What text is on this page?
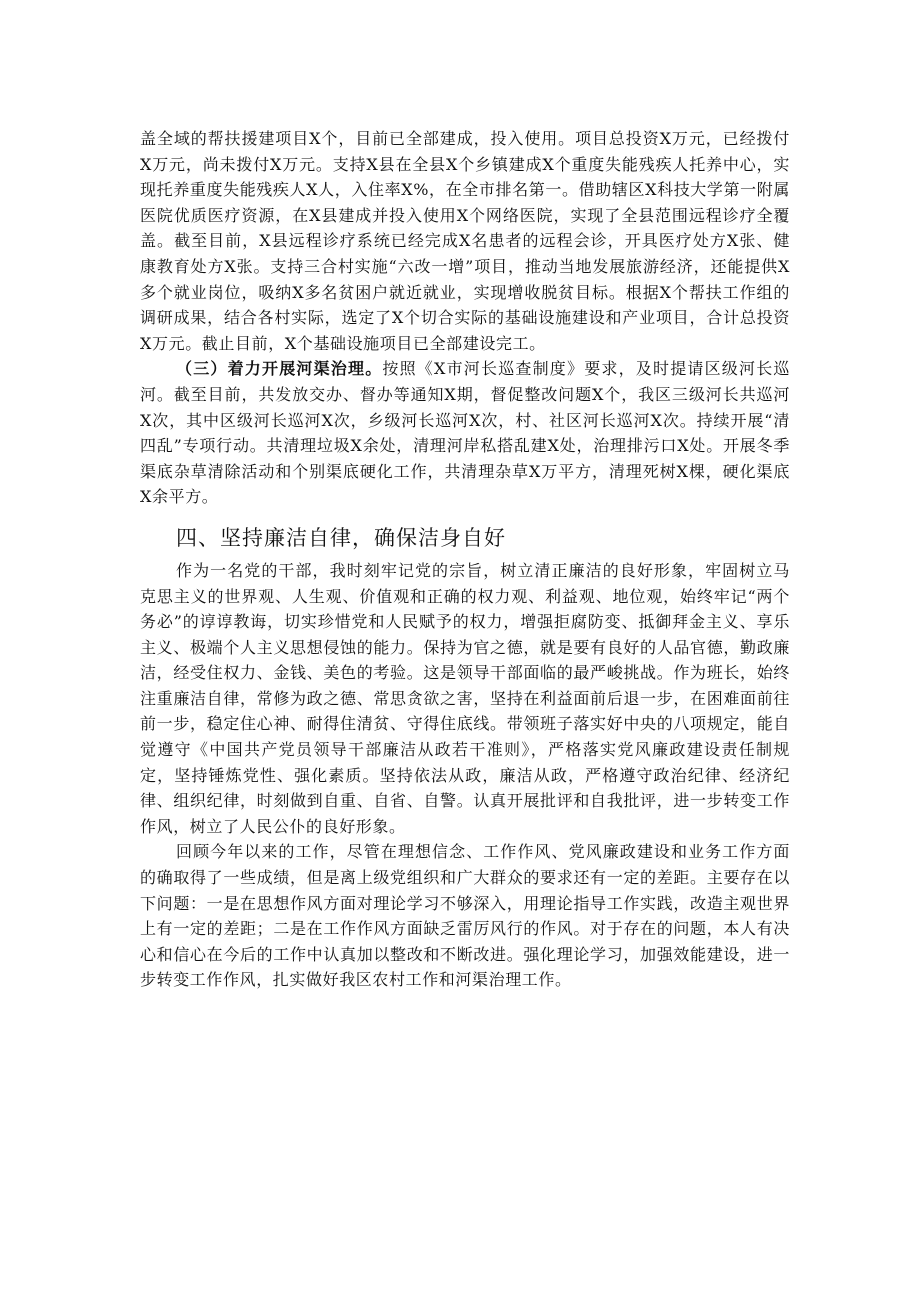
盖全域的帮扶援建项目X个，目前已全部建成，投入使用。项目总投资X万元，已经拨付X万元，尚未拨付X万元。支持X县在全县X个乡镇建成X个重度失能残疾人托养中心，实现托养重度失能残疾人X人，入住率X%，在全市排名第一。借助辖区X科技大学第一附属医院优质医疗资源，在X县建成并投入使用X个网络医院，实现了全县范围远程诊疗全覆盖。截至目前，X县远程诊疗系统已经完成X名患者的远程会诊，开具医疗处方X张、健康教育处方X张。支持三合村实施“六改一增”项目，推动当地发展旅游经济，还能提供X多个就业岗位，吸纳X多名贫困户就近就业，实现增收脱贫目标。根据X个帮扶工作组的调研成果，结合各村实际，选定了X个切合实际的基础设施建设和产业项目，合计总投资X万元。截止目前，X个基础设施项目已全部建设完工。

（三）着力开展河渠治理。按照《X市河长巡查制度》要求，及时提请区级河长巡河。截至目前，共发放交办、督办等通知X期，督促整改问题X个，我区三级河长共巡河X次，其中区级河长巡河X次，乡级河长巡河X次，村、社区河长巡河X次。持续开展“清四乱”专项行动。共清理垃圾X余处，清理河岸私搭乱建X处，治理排污口X处。开展冬季渠底杂草清除活动和个别渠底硬化工作，共清理杂草X万平方，清理死树X棵，硬化渠底X余平方。

四、坚持廉洁自律，确保洁身自好

作为一名党的干部，我时刻牢记党的宗旨，树立清正廉洁的良好形象，牢固树立马克思主义的世界观、人生观、价值观和正确的权力观、利益观、地位观，始终牢记“两个务必”的谆谆教诲，切实珍惜党和人民赋予的权力，增强拒腐防变、抵御拜金主义、享乐主义、极端个人主义思想侵蚀的能力。保持为官之德，就是要有良好的人品官德，勤政廉洁，经受住权力、金钱、美色的考验。这是领导干部面临的最严峻挑战。作为班长，始终注重廉洁自律，常修为政之德、常思贪欲之害，坚持在利益面前后退一步，在困难面前往前一步，稳定住心神、耐得住清贫、守得住底线。带领班子落实好中央的八项规定，能自觉遵守《中国共产党员领导干部廉洁从政若干准则》，严格落实党风廉政建设责任制规定，坚持锤炼党性、强化素质。坚持依法从政，廉洁从政，严格遵守政治纪律、经济纪律、组织纪律，时刻做到自重、自省、自警。认真开展批评和自我批评，进一步转变工作作风，树立了人民公仆的良好形象。

回顾今年以来的工作，尽管在理想信念、工作作风、党风廉政建设和业务工作方面的确取得了一些成绩，但是离上级党组织和广大群众的要求还有一定的差距。主要存在以下问题：一是在思想作风方面对理论学习不够深入，用理论指导工作实践，改造主观世界上有一定的差距；二是在工作作风方面缺乏雷厉风行的作风。对于存在的问题，本人有决心和信心在今后的工作中认真加以整改和不断改进。强化理论学习，加强效能建设，进一步转变工作作风，扎实做好我区农村工作和河渠治理工作。
